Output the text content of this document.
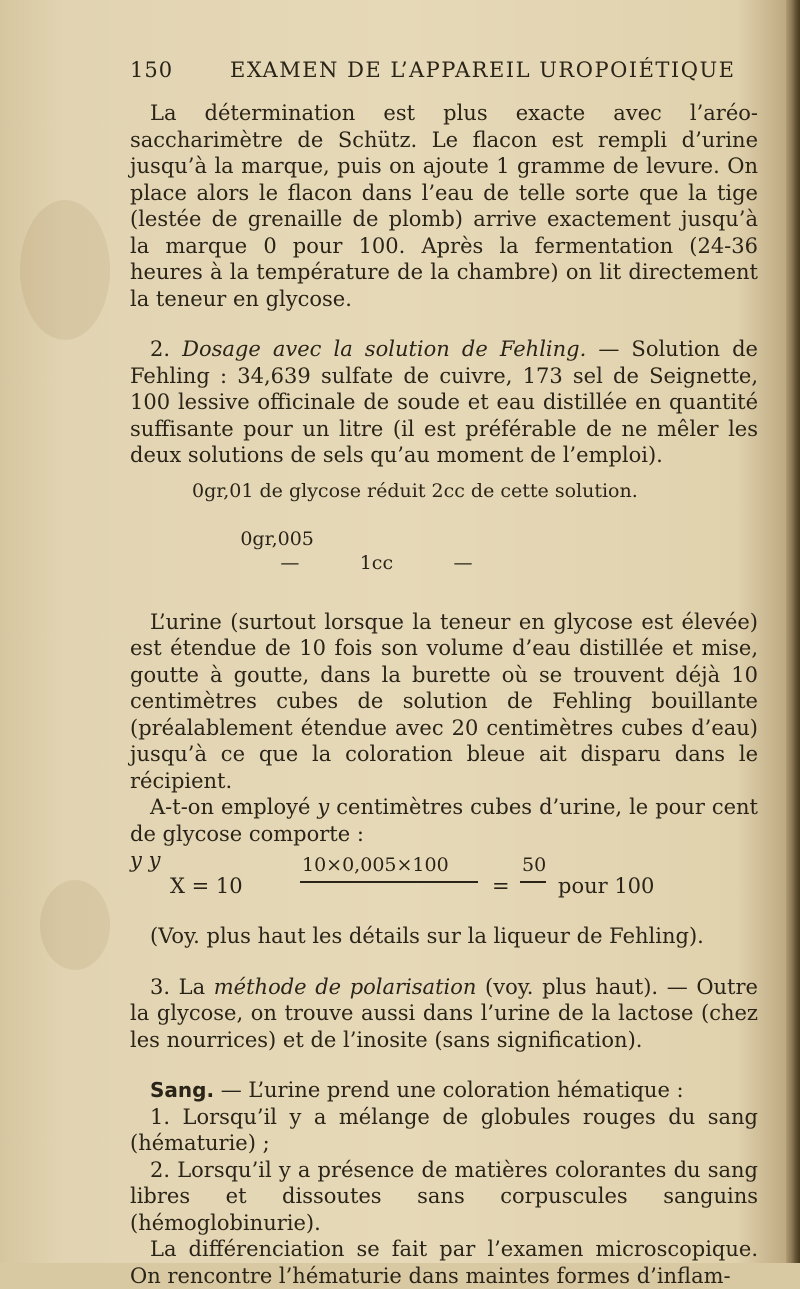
150	EXAMEN DE L’APPAREIL UROPOIÉTIQUE

La détermination est plus exacte avec l’aréo-saccharimètre de Schütz. Le flacon est rempli d’urine jusqu’à la marque, puis on ajoute 1 gramme de levure. On place alors le flacon dans l’eau de telle sorte que la tige (lestée de grenaille de plomb) arrive exactement jusqu’à la marque 0 pour 100. Après la fermentation (24-36 heures à la température de la chambre) on lit directement la teneur en glycose.

2. Dosage avec la solution de Fehling. — Solution de Fehling : 34,639 sulfate de cuivre, 173 sel de Seignette, 100 lessive officinale de soude et eau distillée en quantité suffisante pour un litre (il est préférable de ne mêler les deux solutions de sels qu’au moment de l’emploi).

0gr,01 de glycose réduit 2cc de cette solution.

0gr,005
—          1cc          —

L’urine (surtout lorsque la teneur en glycose est élevée) est étendue de 10 fois son volume d’eau distillée et mise, goutte à goutte, dans la burette où se trouvent déjà 10 centimètres cubes de solution de Fehling bouillante (préalablement étendue avec 20 centimètres cubes d’eau) jusqu’à ce que la coloration bleue ait disparu dans le récipient.

A-t-on employé y centimètres cubes d’urine, le pour cent de glycose comporte :

X = 10
10×0,005×100
y
=
50
y
pour 100

(Voy. plus haut les détails sur la liqueur de Fehling).

3. La méthode de polarisation (voy. plus haut). — Outre la glycose, on trouve aussi dans l’urine de la lactose (chez les nourrices) et de l’inosite (sans signification).

Sang. — L’urine prend une coloration hématique :

1. Lorsqu’il y a mélange de globules rouges du sang (hématurie) ;

2. Lorsqu’il y a présence de matières colorantes du sang libres et dissoutes sans corpuscules sanguins (hémoglobinurie).

La différenciation se fait par l’examen microscopique. On rencontre l’hématurie dans maintes formes d’inflam-
